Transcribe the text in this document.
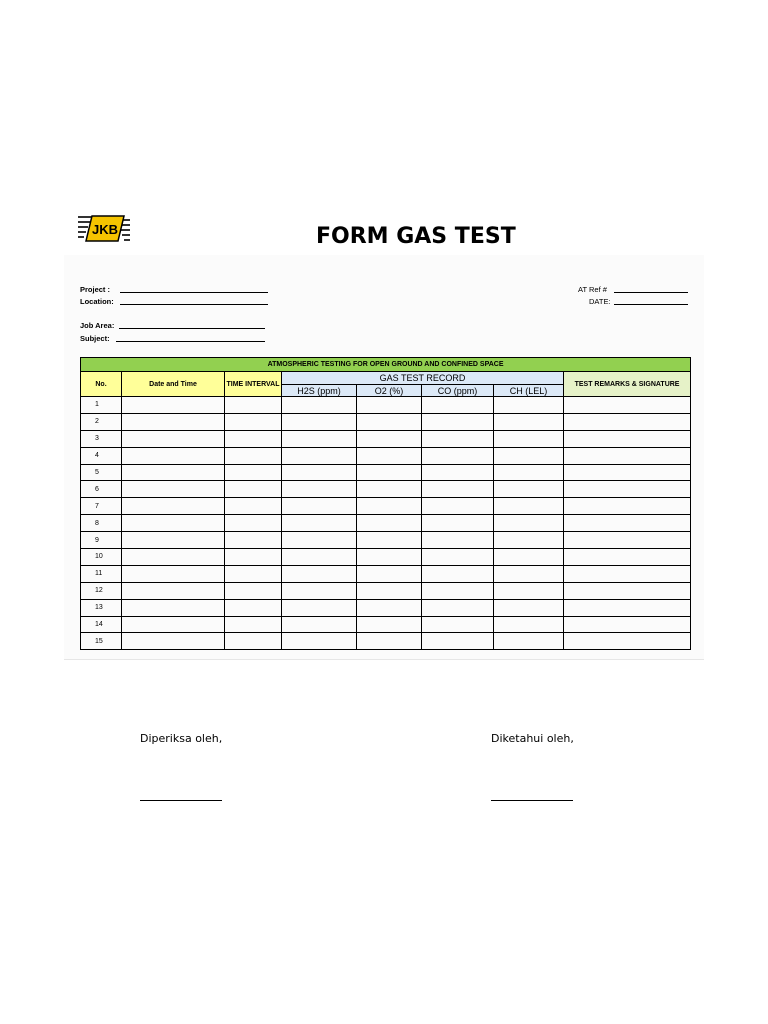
JKB	FORM GAS TEST
Project :
Location:
Job Area:
Subject:
AT Ref #
DATE:
ATMOSPHERIC TESTING FOR OPEN GROUND AND CONFINED SPACE							
No.	Date and Time	TIME INTERVAL	GAS TEST RECORD				TEST REMARKS & SIGNATURE
			H2S (ppm)	O2 (%)	CO (ppm)	CH (LEL)	
1							
2							
3							
4							
5							
6							
7							
8							
9							
10							
11							
12							
13							
14							
15							
Diperiksa oleh,	Diketahui oleh,
